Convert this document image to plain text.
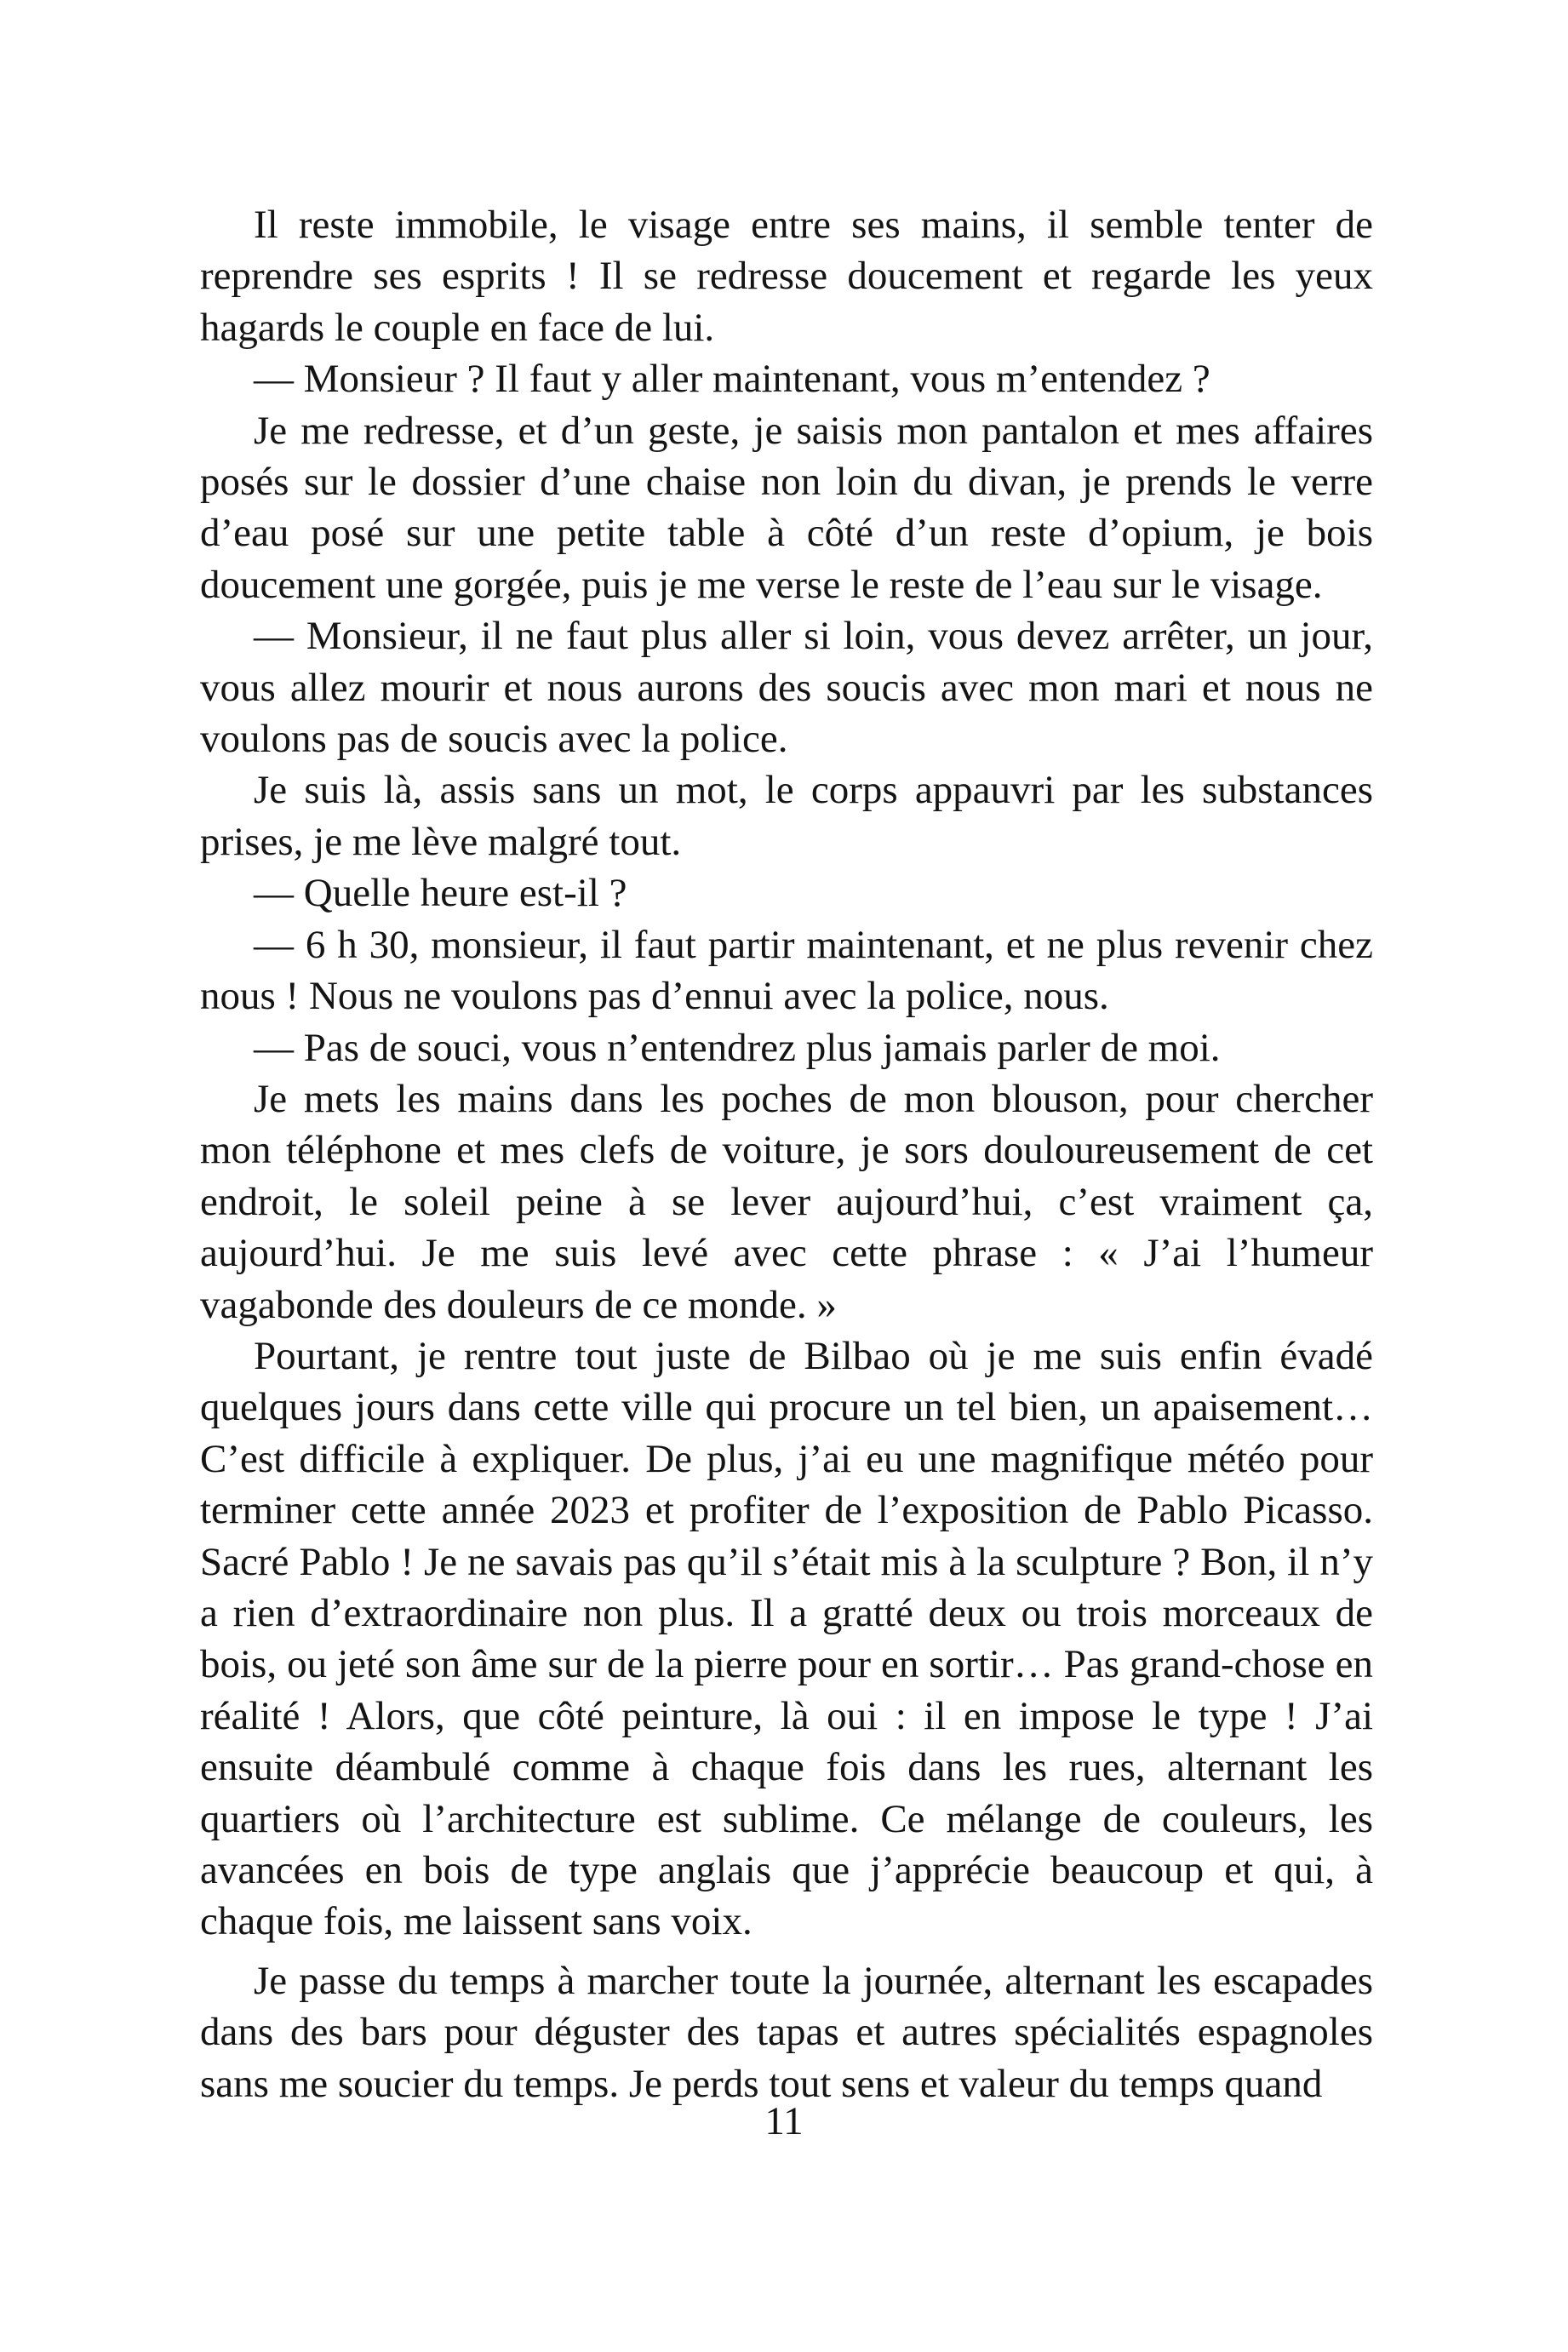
Il reste immobile, le visage entre ses mains, il semble tenter de reprendre ses esprits ! Il se redresse doucement et regarde les yeux hagards le couple en face de lui.

— Monsieur ? Il faut y aller maintenant, vous m’entendez ?

Je me redresse, et d’un geste, je saisis mon pantalon et mes affaires posés sur le dossier d’une chaise non loin du divan, je prends le verre d’eau posé sur une petite table à côté d’un reste d’opium, je bois doucement une gorgée, puis je me verse le reste de l’eau sur le visage.

— Monsieur, il ne faut plus aller si loin, vous devez arrêter, un jour, vous allez mourir et nous aurons des soucis avec mon mari et nous ne voulons pas de soucis avec la police.

Je suis là, assis sans un mot, le corps appauvri par les substances prises, je me lève malgré tout.

— Quelle heure est-il ?

— 6 h 30, monsieur, il faut partir maintenant, et ne plus revenir chez nous ! Nous ne voulons pas d’ennui avec la police, nous.

— Pas de souci, vous n’entendrez plus jamais parler de moi.

Je mets les mains dans les poches de mon blouson, pour chercher mon téléphone et mes clefs de voiture, je sors douloureusement de cet endroit, le soleil peine à se lever aujourd’hui, c’est vraiment ça, aujourd’hui. Je me suis levé avec cette phrase : « J’ai l’humeur vagabonde des douleurs de ce monde. »

Pourtant, je rentre tout juste de Bilbao où je me suis enfin évadé quelques jours dans cette ville qui procure un tel bien, un apaisement… C’est difficile à expliquer. De plus, j’ai eu une magnifique météo pour terminer cette année 2023 et profiter de l’exposition de Pablo Picasso. Sacré Pablo ! Je ne savais pas qu’il s’était mis à la sculpture ? Bon, il n’y a rien d’extraordinaire non plus. Il a gratté deux ou trois morceaux de bois, ou jeté son âme sur de la pierre pour en sortir… Pas grand-chose en réalité ! Alors, que côté peinture, là oui : il en impose le type ! J’ai ensuite déambulé comme à chaque fois dans les rues, alternant les quartiers où l’architecture est sublime. Ce mélange de couleurs, les avancées en bois de type anglais que j’apprécie beaucoup et qui, à chaque fois, me laissent sans voix.

Je passe du temps à marcher toute la journée, alternant les escapades dans des bars pour déguster des tapas et autres spécialités espagnoles sans me soucier du temps. Je perds tout sens et valeur du temps quand

11
